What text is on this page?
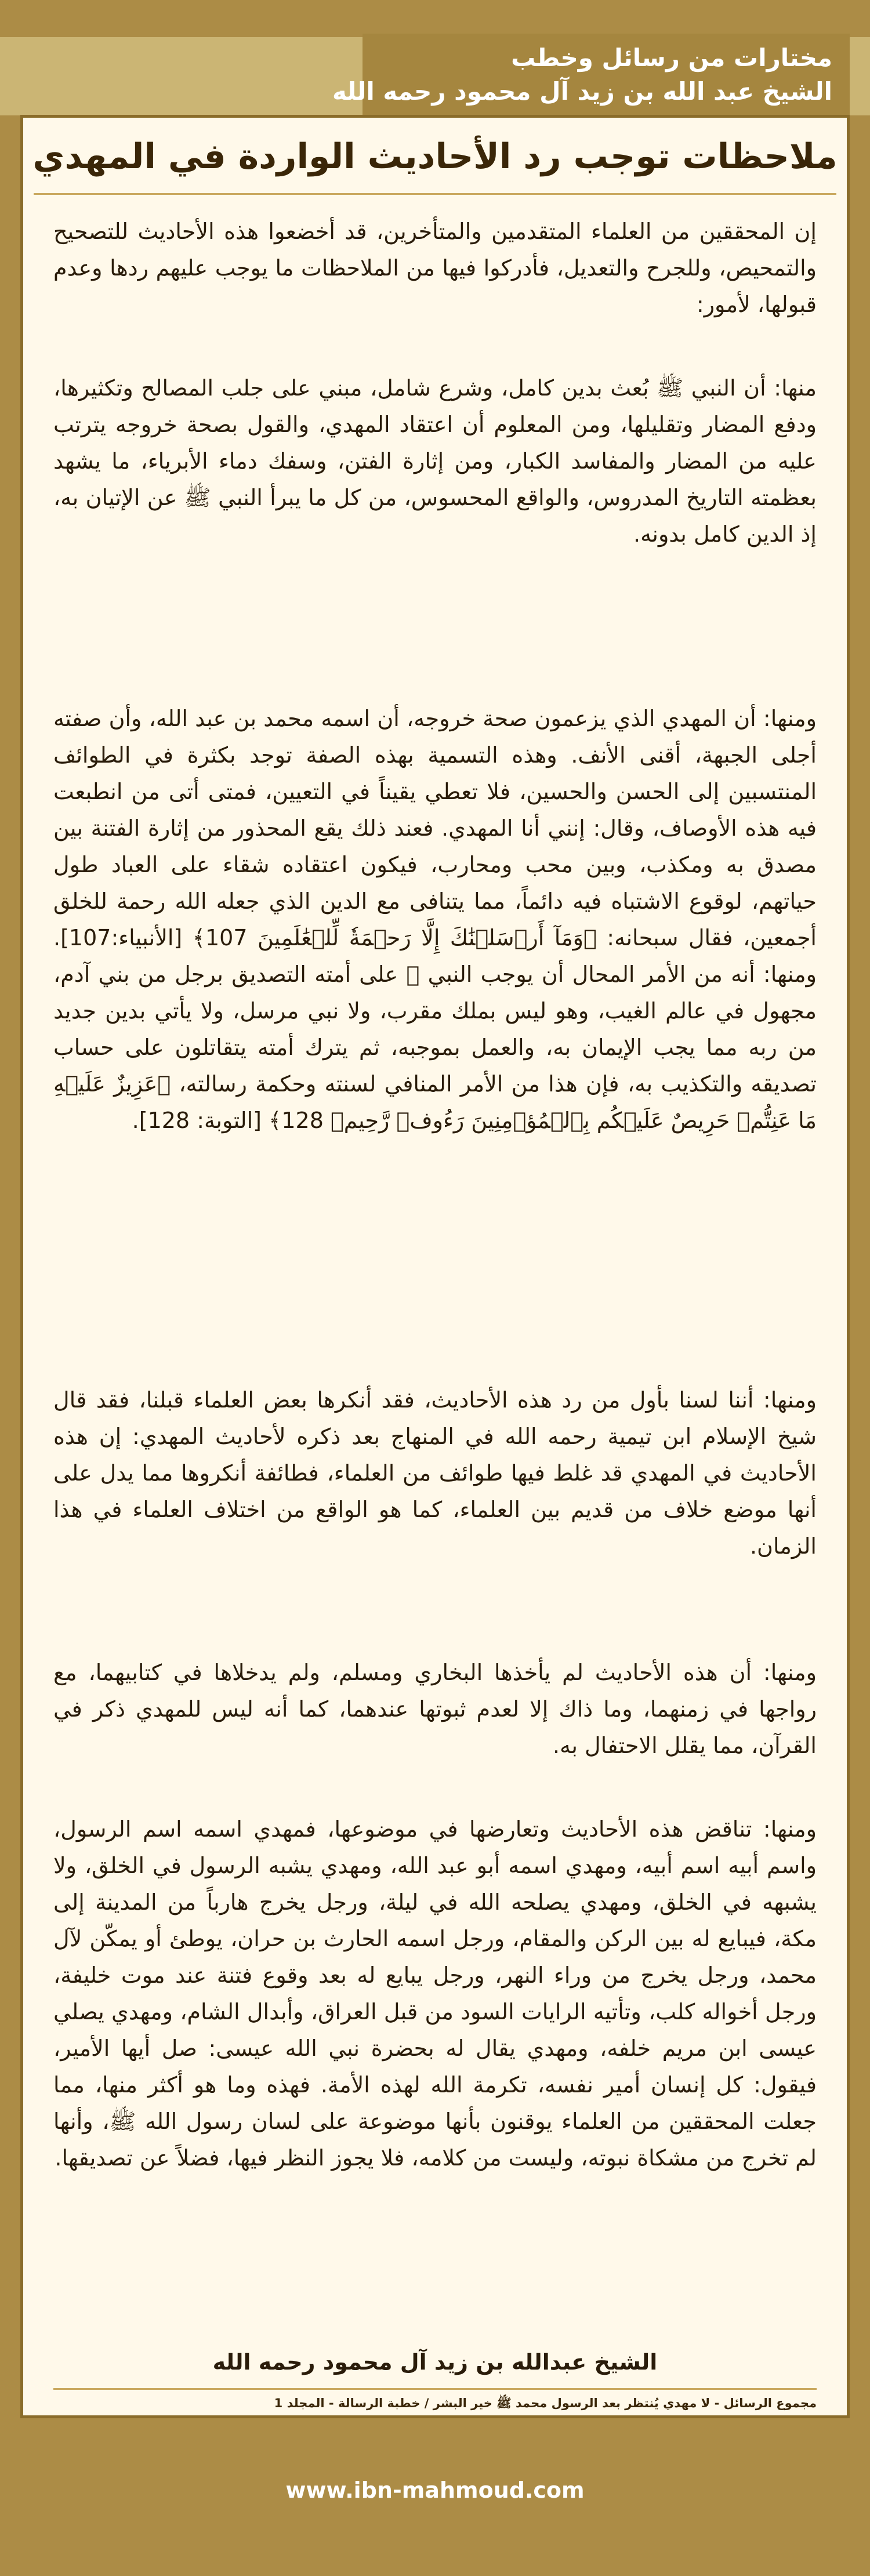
مختارات من رسائل وخطب
الشيخ عبد الله بن زيد آل محمود رحمه الله
ملاحظات توجب رد الأحاديث الواردة في المهدي

إن المحققين من العلماء المتقدمين والمتأخرين، قد أخضعوا هذه الأحاديث للتصحيح والتمحيص، وللجرح والتعديل، فأدركوا فيها من الملاحظات ما يوجب عليهم ردها وعدم قبولها، لأمور:

منها: أن النبي ﷺ بُعث بدين كامل، وشرع شامل، مبني على جلب المصالح وتكثيرها، ودفع المضار وتقليلها، ومن المعلوم أن اعتقاد المهدي، والقول بصحة خروجه يترتب عليه من المضار والمفاسد الكبار، ومن إثارة الفتن، وسفك دماء الأبرياء، ما يشهد بعظمته التاريخ المدروس، والواقع المحسوس، من كل ما يبرأ النبي ﷺ عن الإتيان به، إذ الدين كامل بدونه.

ومنها: أن المهدي الذي يزعمون صحة خروجه، أن اسمه محمد بن عبد الله، وأن صفته أجلى الجبهة، أقنى الأنف. وهذه التسمية بهذه الصفة توجد بكثرة في الطوائف المنتسبين إلى الحسن والحسين، فلا تعطي يقيناً في التعيين، فمتى أتى من انطبعت فيه هذه الأوصاف، وقال: إنني أنا المهدي. فعند ذلك يقع المحذور من إثارة الفتنة بين مصدق به ومكذب، وبين محب ومحارب، فيكون اعتقاده شقاء على العباد طول حياتهم، لوقوع الاشتباه فيه دائماً، مما يتنافى مع الدين الذي جعله الله رحمة للخلق أجمعين، فقال سبحانه: ﴿وَمَآ أَرۡسَلۡنَٰكَ إِلَّا رَحۡمَةٗ لِّلۡعَٰلَمِينَ 107﴾ [الأنبياء:107]. ومنها: أنه من الأمر المحال أن يوجب النبي ﷺ على أمته التصديق برجل من بني آدم، مجهول في عالم الغيب، وهو ليس بملك مقرب، ولا نبي مرسل، ولا يأتي بدين جديد من ربه مما يجب الإيمان به، والعمل بموجبه، ثم يترك أمته يتقاتلون على حساب تصديقه والتكذيب به، فإن هذا من الأمر المنافي لسنته وحكمة رسالته، ﴿عَزِيزٌ عَلَيۡهِ مَا عَنِتُّمۡ حَرِيصٌ عَلَيۡكُم بِٱلۡمُؤۡمِنِينَ رَءُوفٞ رَّحِيمٞ 128﴾ [التوبة: 128].

ومنها: أننا لسنا بأول من رد هذه الأحاديث، فقد أنكرها بعض العلماء قبلنا، فقد قال شيخ الإسلام ابن تيمية رحمه الله في المنهاج بعد ذكره لأحاديث المهدي: إن هذه الأحاديث في المهدي قد غلط فيها طوائف من العلماء، فطائفة أنكروها مما يدل على أنها موضع خلاف من قديم بين العلماء، كما هو الواقع من اختلاف العلماء في هذا الزمان.

ومنها: أن هذه الأحاديث لم يأخذها البخاري ومسلم، ولم يدخلاها في كتابيهما، مع رواجها في زمنهما، وما ذاك إلا لعدم ثبوتها عندهما، كما أنه ليس للمهدي ذكر في القرآن، مما يقلل الاحتفال به.

ومنها: تناقض هذه الأحاديث وتعارضها في موضوعها، فمهدي اسمه اسم الرسول، واسم أبيه اسم أبيه، ومهدي اسمه أبو عبد الله، ومهدي يشبه الرسول في الخلق، ولا يشبهه في الخلق، ومهدي يصلحه الله في ليلة، ورجل يخرج هارباً من المدينة إلى مكة، فيبايع له بين الركن والمقام، ورجل اسمه الحارث بن حران، يوطئ أو يمكّن لآل محمد، ورجل يخرج من وراء النهر، ورجل يبايع له بعد وقوع فتنة عند موت خليفة، ورجل أخواله كلب، وتأتيه الرايات السود من قبل العراق، وأبدال الشام، ومهدي يصلي عيسى ابن مريم خلفه، ومهدي يقال له بحضرة نبي الله عيسى: صل أيها الأمير، فيقول: كل إنسان أمير نفسه، تكرمة الله لهذه الأمة. فهذه وما هو أكثر منها، مما جعلت المحققين من العلماء يوقنون بأنها موضوعة على لسان رسول الله ﷺ، وأنها لم تخرج من مشكاة نبوته، وليست من كلامه، فلا يجوز النظر فيها، فضلاً عن تصديقها.

الشيخ عبدالله بن زيد آل محمود رحمه الله
مجموع الرسائل - لا مهدي يُنتظر بعد الرسول محمد ﷺ خير البشر / خطبة الرسالة - المجلد 1
www.ibn-mahmoud.com
